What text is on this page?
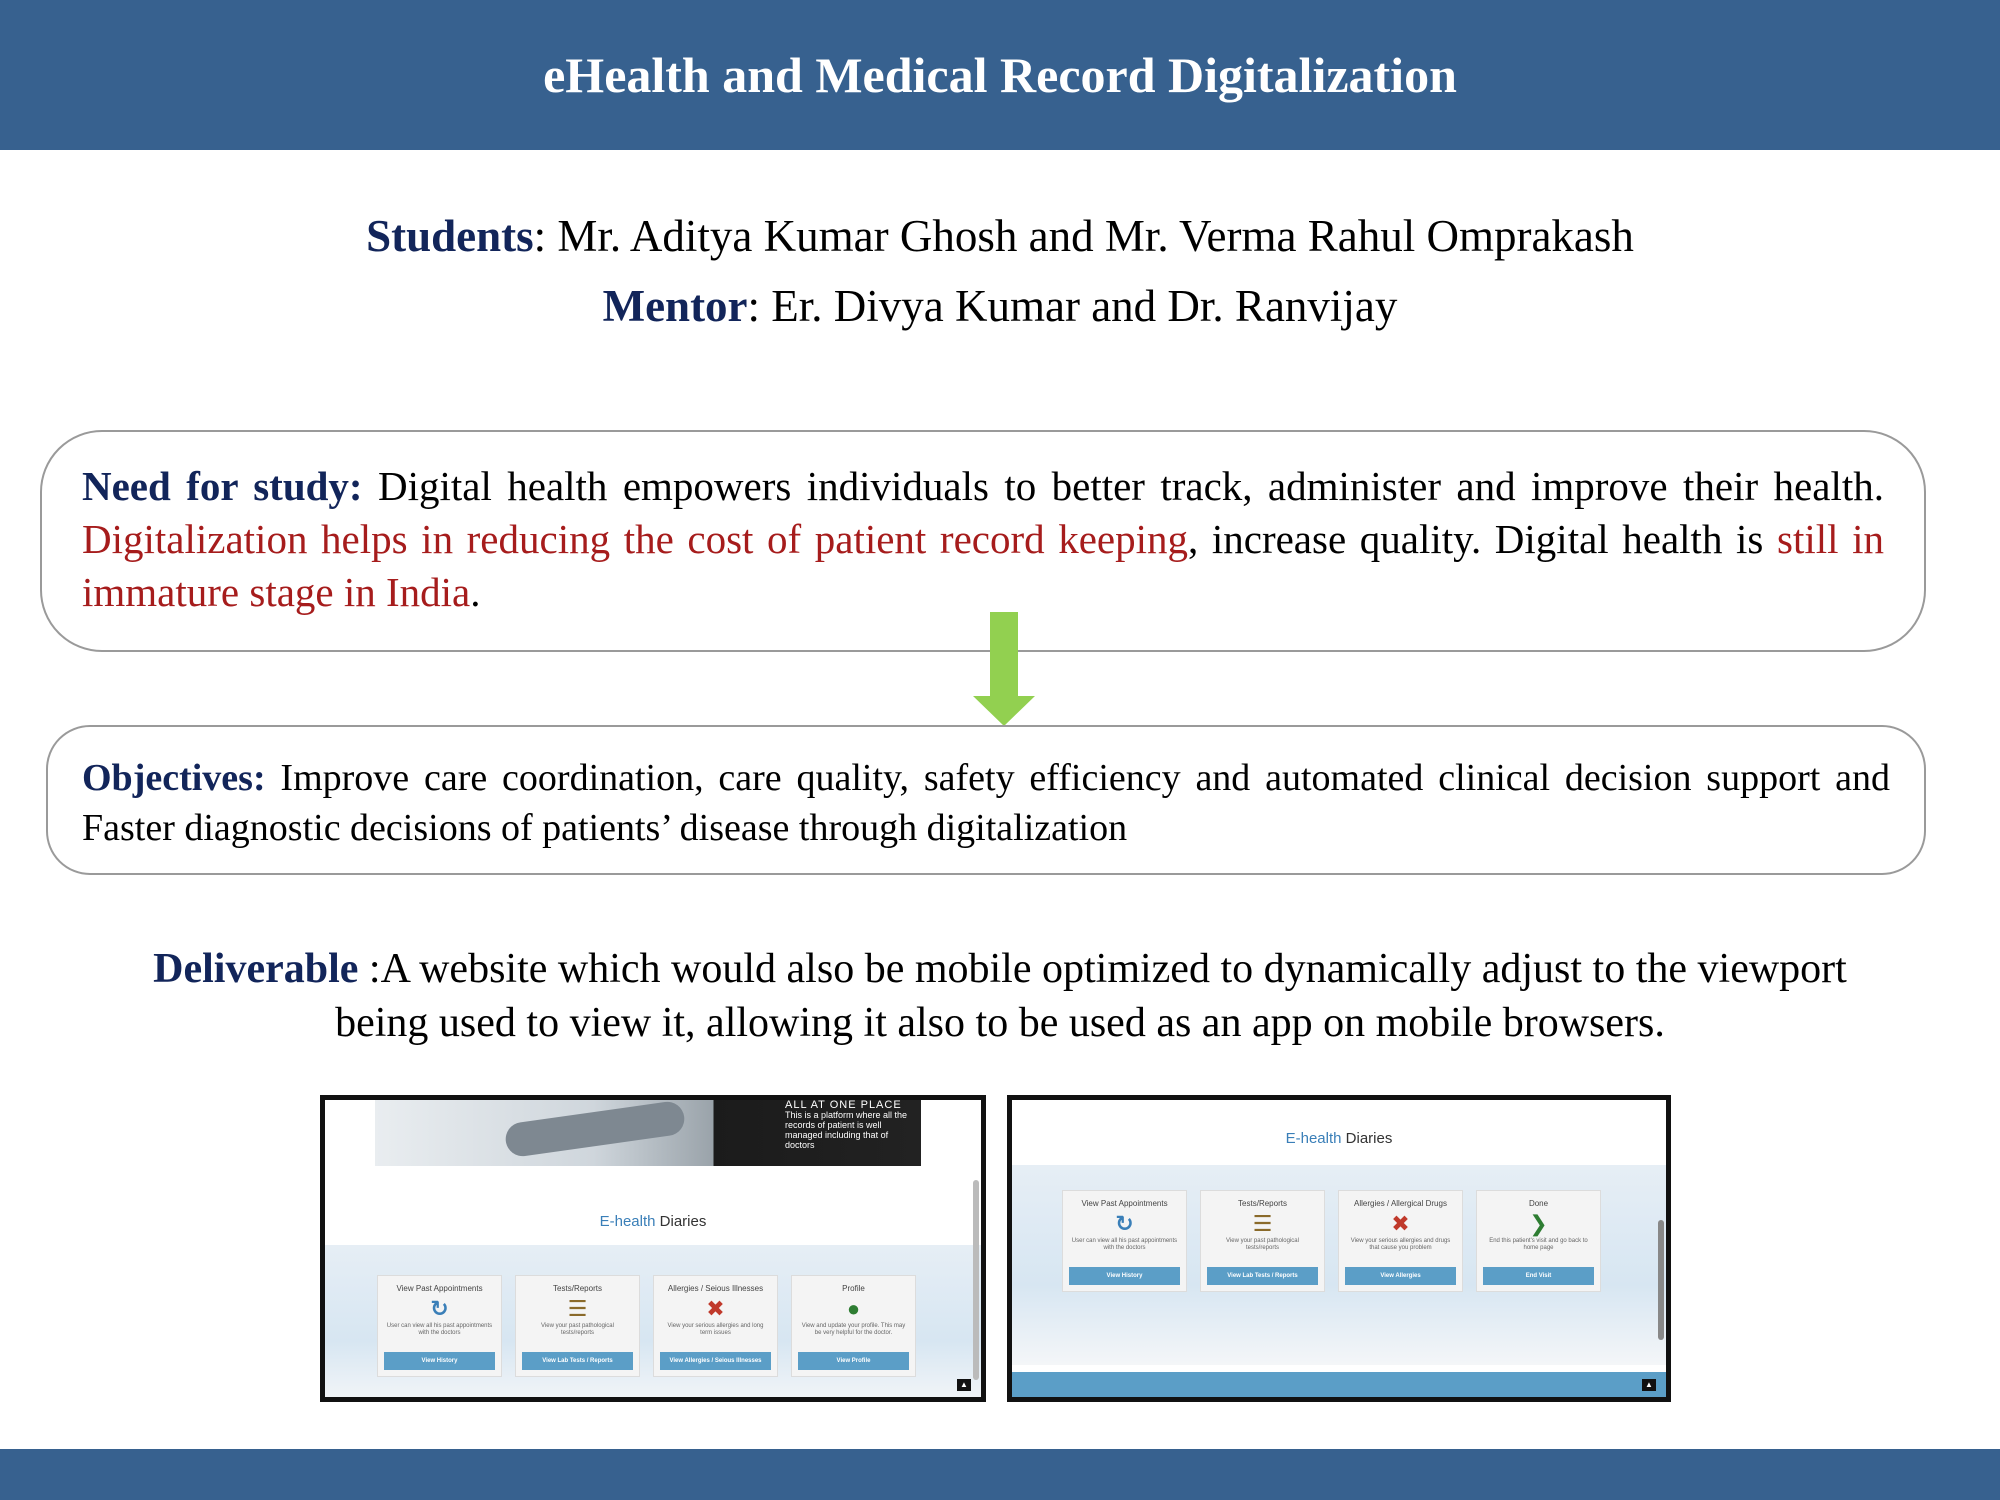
eHealth and Medical Record Digitalization
Students: Mr. Aditya Kumar Ghosh and Mr. Verma Rahul Omprakash
Mentor: Er. Divya Kumar and Dr. Ranvijay

Need for study: Digital health empowers individuals to better track, administer and improve their health. Digitalization helps in reducing the cost of patient record keeping, increase quality. Digital health is still in immature stage in India.

Objectives: Improve care coordination, care quality, safety efficiency and automated clinical decision support and Faster diagnostic decisions of patients’ disease through digitalization

Deliverable :A website which would also be mobile optimized to dynamically adjust to the viewport being used to view it, allowing it also to be used as an app on mobile browsers.

ALL AT ONE PLACE
This is a platform where all the records of patient is well managed including that of doctors
E-health Diaries
View Past Appointments
↻
User can view all his past appointments with the doctors
View History
Tests/Reports
☰
View your past pathological tests/reports
View Lab Tests / Reports
Allergies / Seious Illnesses
✖
View your serious allergies and long term issues
View Allergies / Seious Illnesses
Profile
●
View and update your profile. This may be very helpful for the doctor.
View Profile
▲
E-health Diaries
View Past Appointments
↻
User can view all his past appointments with the doctors
View History
Tests/Reports
☰
View your past pathological tests/reports
View Lab Tests / Reports
Allergies / Allergical Drugs
✖
View your serious allergies and drugs that cause you problem
View Allergies
Done
❯
End this patient's visit and go back to home page
End Visit
▲
